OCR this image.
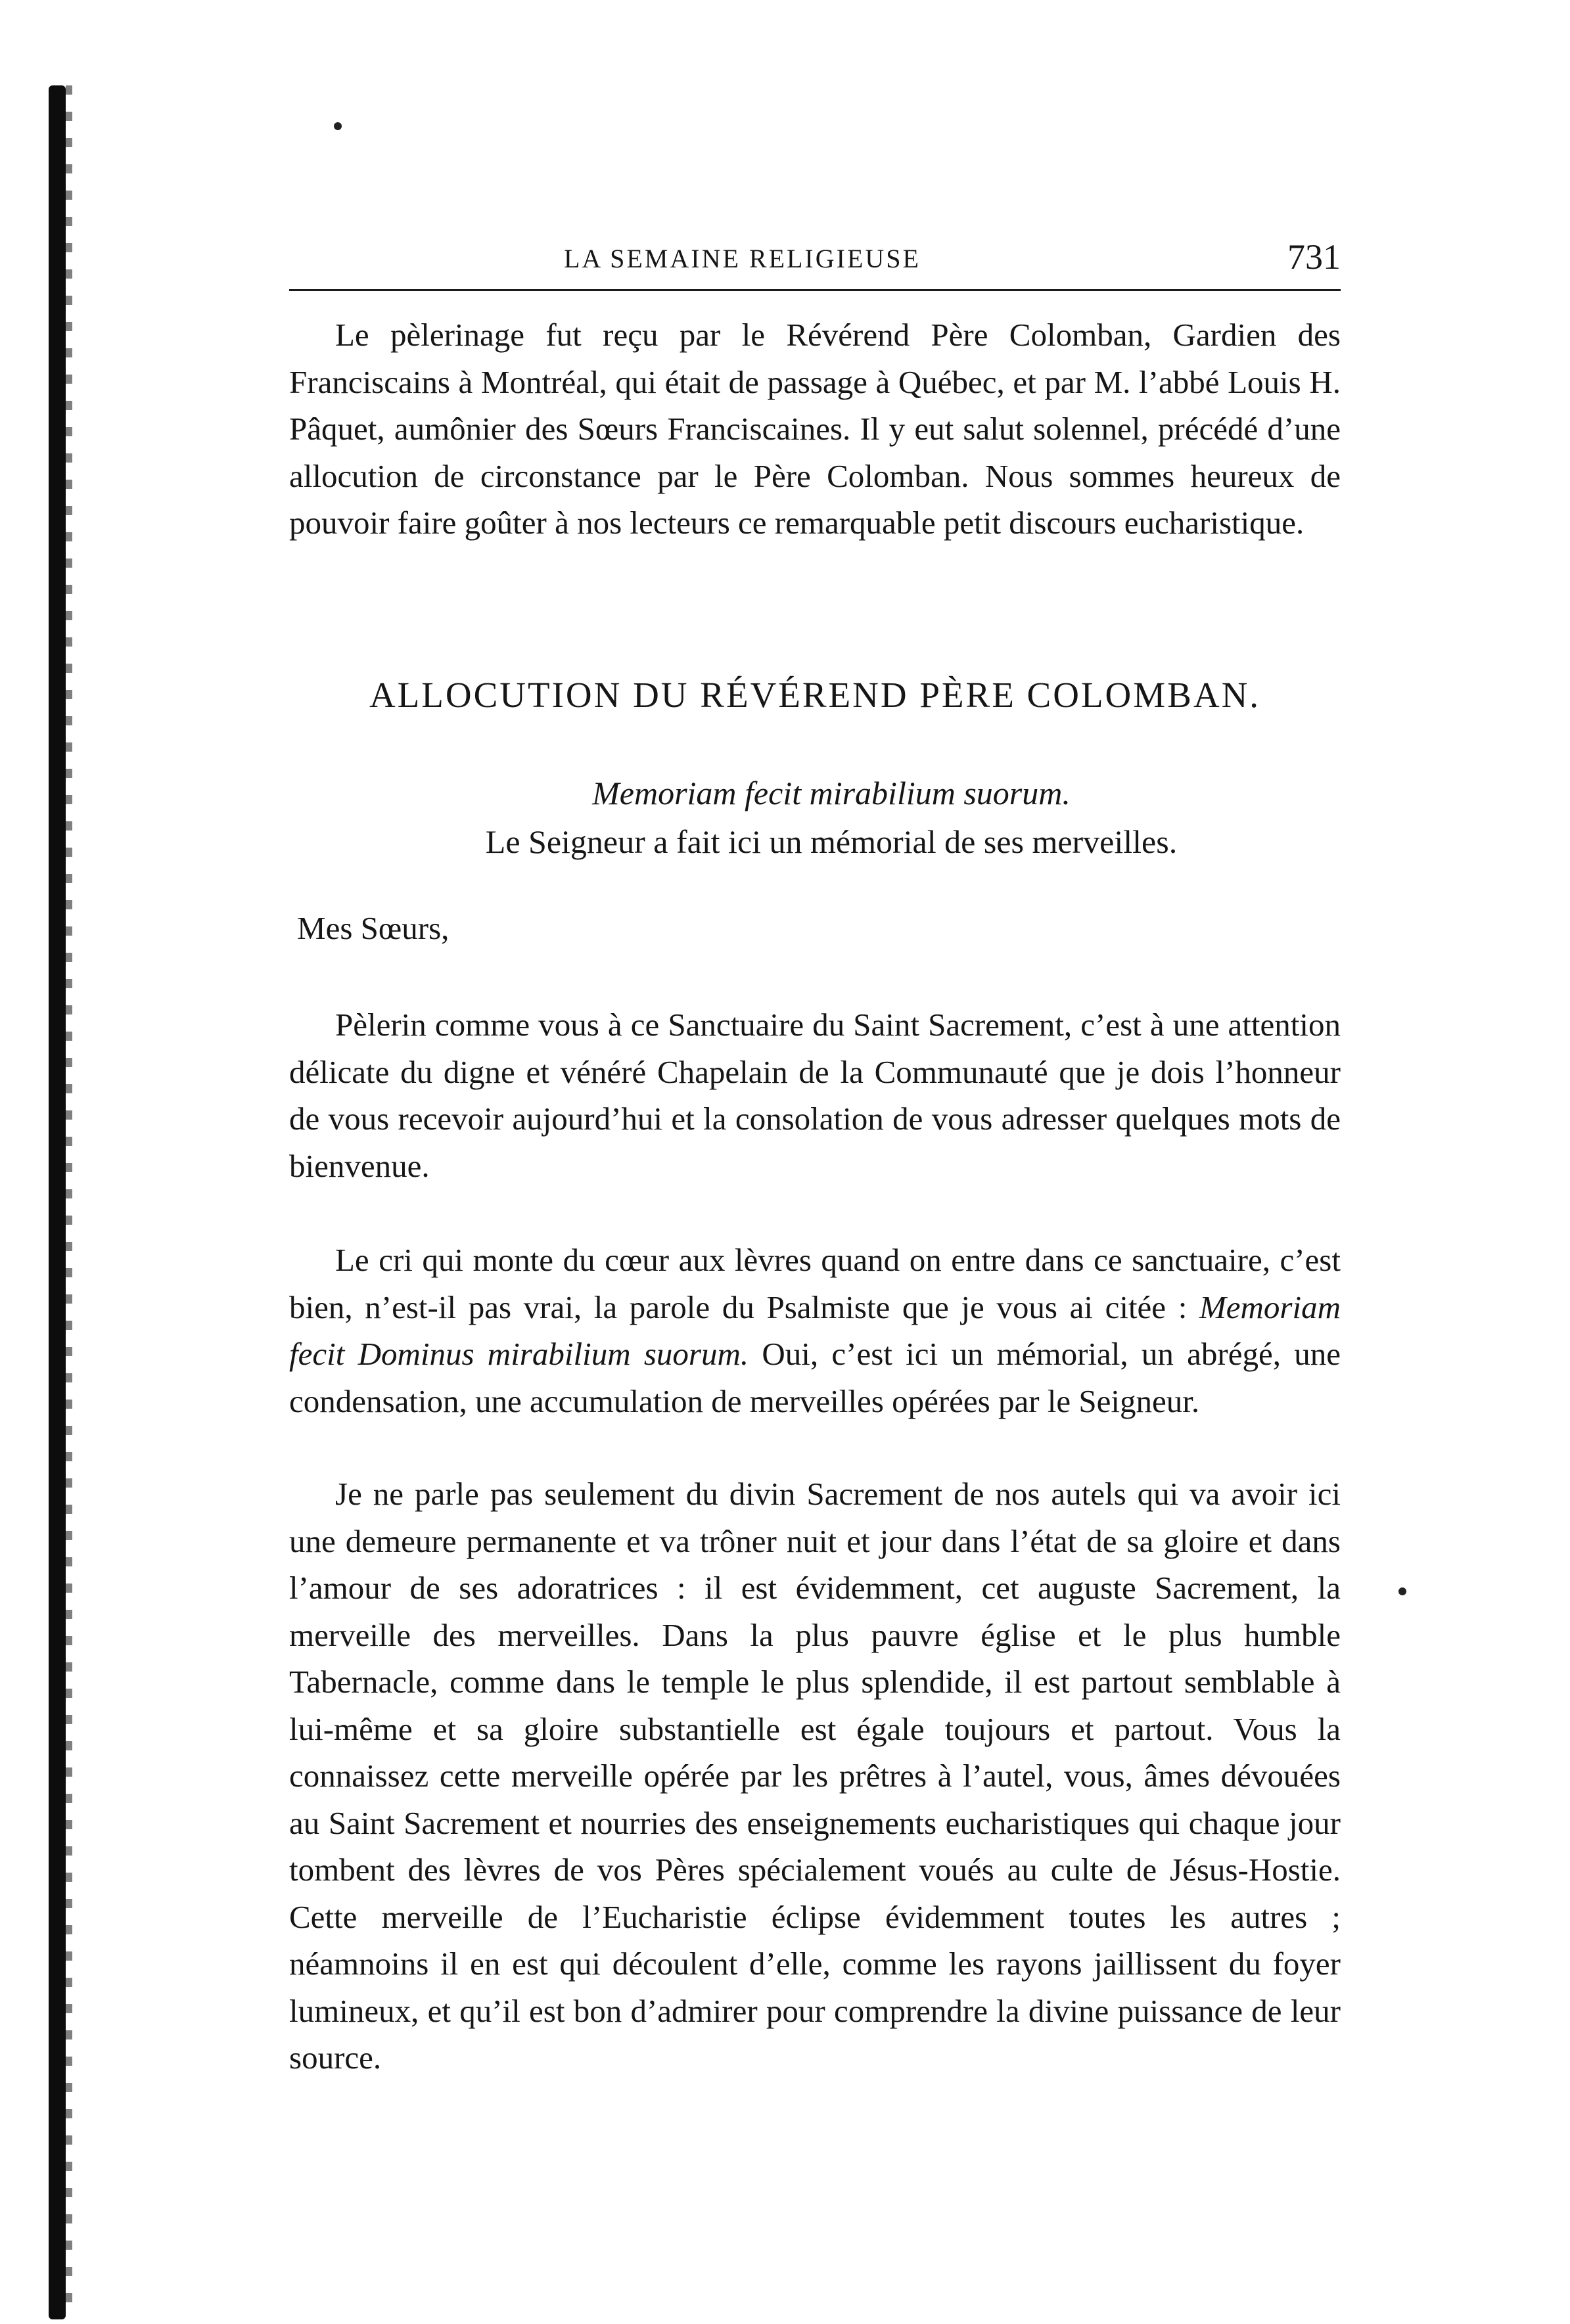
LA SEMAINE RELIGIEUSE	731

Le pèlerinage fut reçu par le Révérend Père Colomban, Gardien des Franciscains à Montréal, qui était de passage à Québec, et par M. l’abbé Louis H. Pâquet, aumônier des Sœurs Franciscaines. Il y eut salut solennel, précédé d’une allocution de circonstance par le Père Colomban. Nous sommes heureux de pouvoir faire goûter à nos lecteurs ce remarquable petit discours eucharistique.

ALLOCUTION DU RÉVÉREND PÈRE COLOMBAN.
Memoriam fecit mirabilium suorum.
Le Seigneur a fait ici un mémorial de ses merveilles.
Mes Sœurs,

Pèlerin comme vous à ce Sanctuaire du Saint Sacrement, c’est à une attention délicate du digne et vénéré Chapelain de la Communauté que je dois l’honneur de vous recevoir aujourd’hui et la consolation de vous adresser quelques mots de bienvenue.

Le cri qui monte du cœur aux lèvres quand on entre dans ce sanctuaire, c’est bien, n’est-il pas vrai, la parole du Psalmiste que je vous ai citée : Memoriam fecit Dominus mirabilium suorum. Oui, c’est ici un mémorial, un abrégé, une condensation, une accumulation de merveilles opérées par le Seigneur.

Je ne parle pas seulement du divin Sacrement de nos autels qui va avoir ici une demeure permanente et va trôner nuit et jour dans l’état de sa gloire et dans l’amour de ses adoratrices : il est évidemment, cet auguste Sacrement, la merveille des merveilles. Dans la plus pauvre église et le plus humble Tabernacle, comme dans le temple le plus splendide, il est partout semblable à lui-même et sa gloire substantielle est égale toujours et partout. Vous la connaissez cette merveille opérée par les prêtres à l’autel, vous, âmes dévouées au Saint Sacrement et nourries des enseignements eucharistiques qui chaque jour tombent des lèvres de vos Pères spécialement voués au culte de Jésus-Hostie. Cette merveille de l’Eucharistie éclipse évidemment toutes les autres ; néamnoins il en est qui découlent d’elle, comme les rayons jaillissent du foyer lumineux, et qu’il est bon d’admirer pour comprendre la divine puissance de leur source.
